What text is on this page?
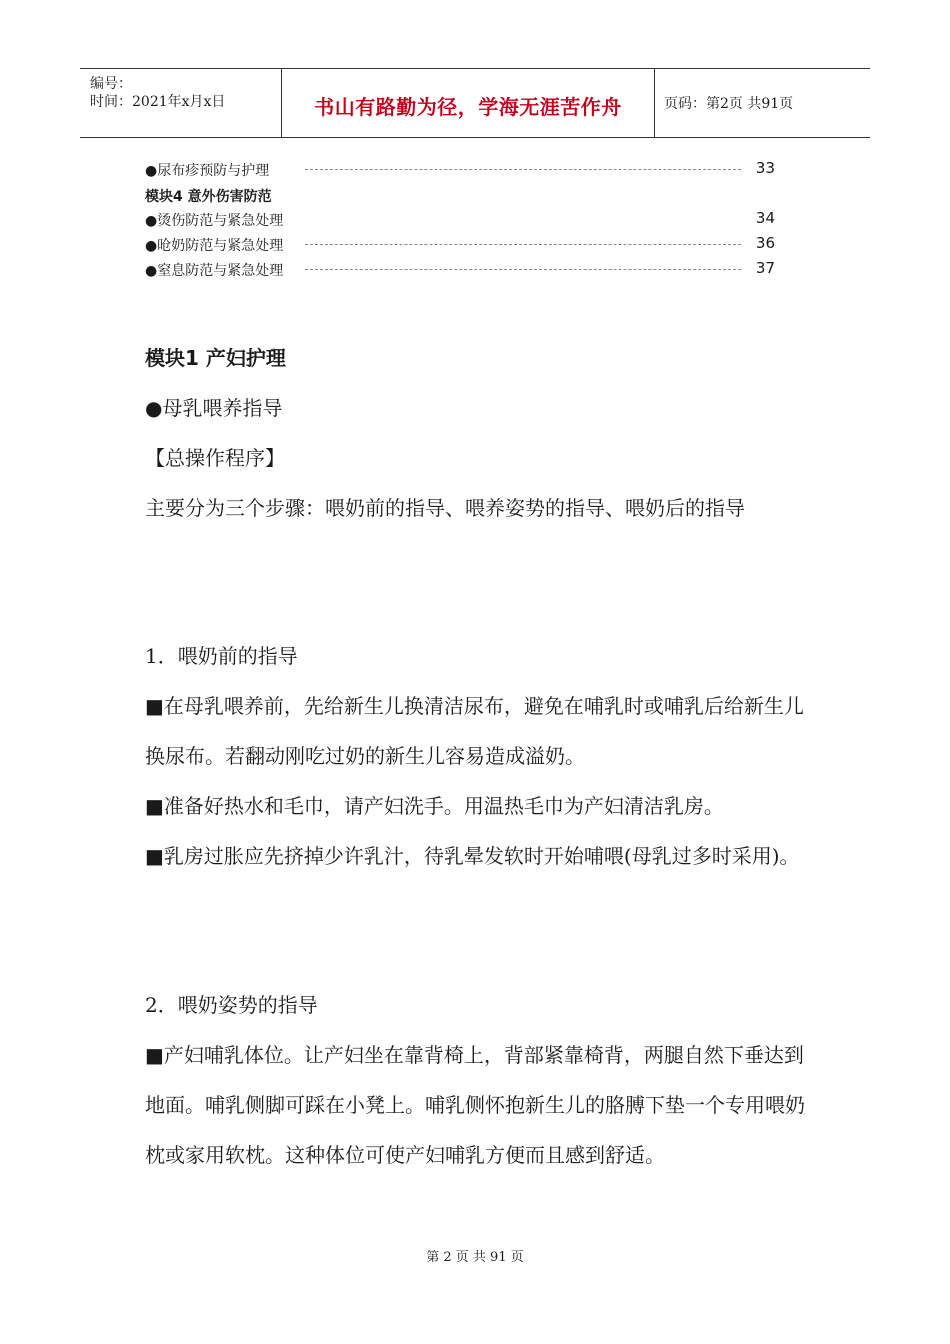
编号：
时间：2021年x月x日	书山有路勤为径，学海无涯苦作舟	页码：第2页 共91页
●尿布疹预防与护理	33
模块4 意外伤害防范
●烫伤防范与紧急处理	34
●呛奶防范与紧急处理	36
●窒息防范与紧急处理	37
模块1 产妇护理
●母乳喂养指导
【总操作程序】
主要分为三个步骤：喂奶前的指导、喂养姿势的指导、喂奶后的指导
1．喂奶前的指导
■在母乳喂养前，先给新生儿换清洁尿布，避免在哺乳时或哺乳后给新生儿换尿布。若翻动刚吃过奶的新生儿容易造成溢奶。
■准备好热水和毛巾，请产妇洗手。用温热毛巾为产妇清洁乳房。
■乳房过胀应先挤掉少许乳汁，待乳晕发软时开始哺喂(母乳过多时采用)。
2．喂奶姿势的指导
■产妇哺乳体位。让产妇坐在靠背椅上，背部紧靠椅背，两腿自然下垂达到地面。哺乳侧脚可踩在小凳上。哺乳侧怀抱新生儿的胳膊下垫一个专用喂奶枕或家用软枕。这种体位可使产妇哺乳方便而且感到舒适。
第 2 页 共 91 页
